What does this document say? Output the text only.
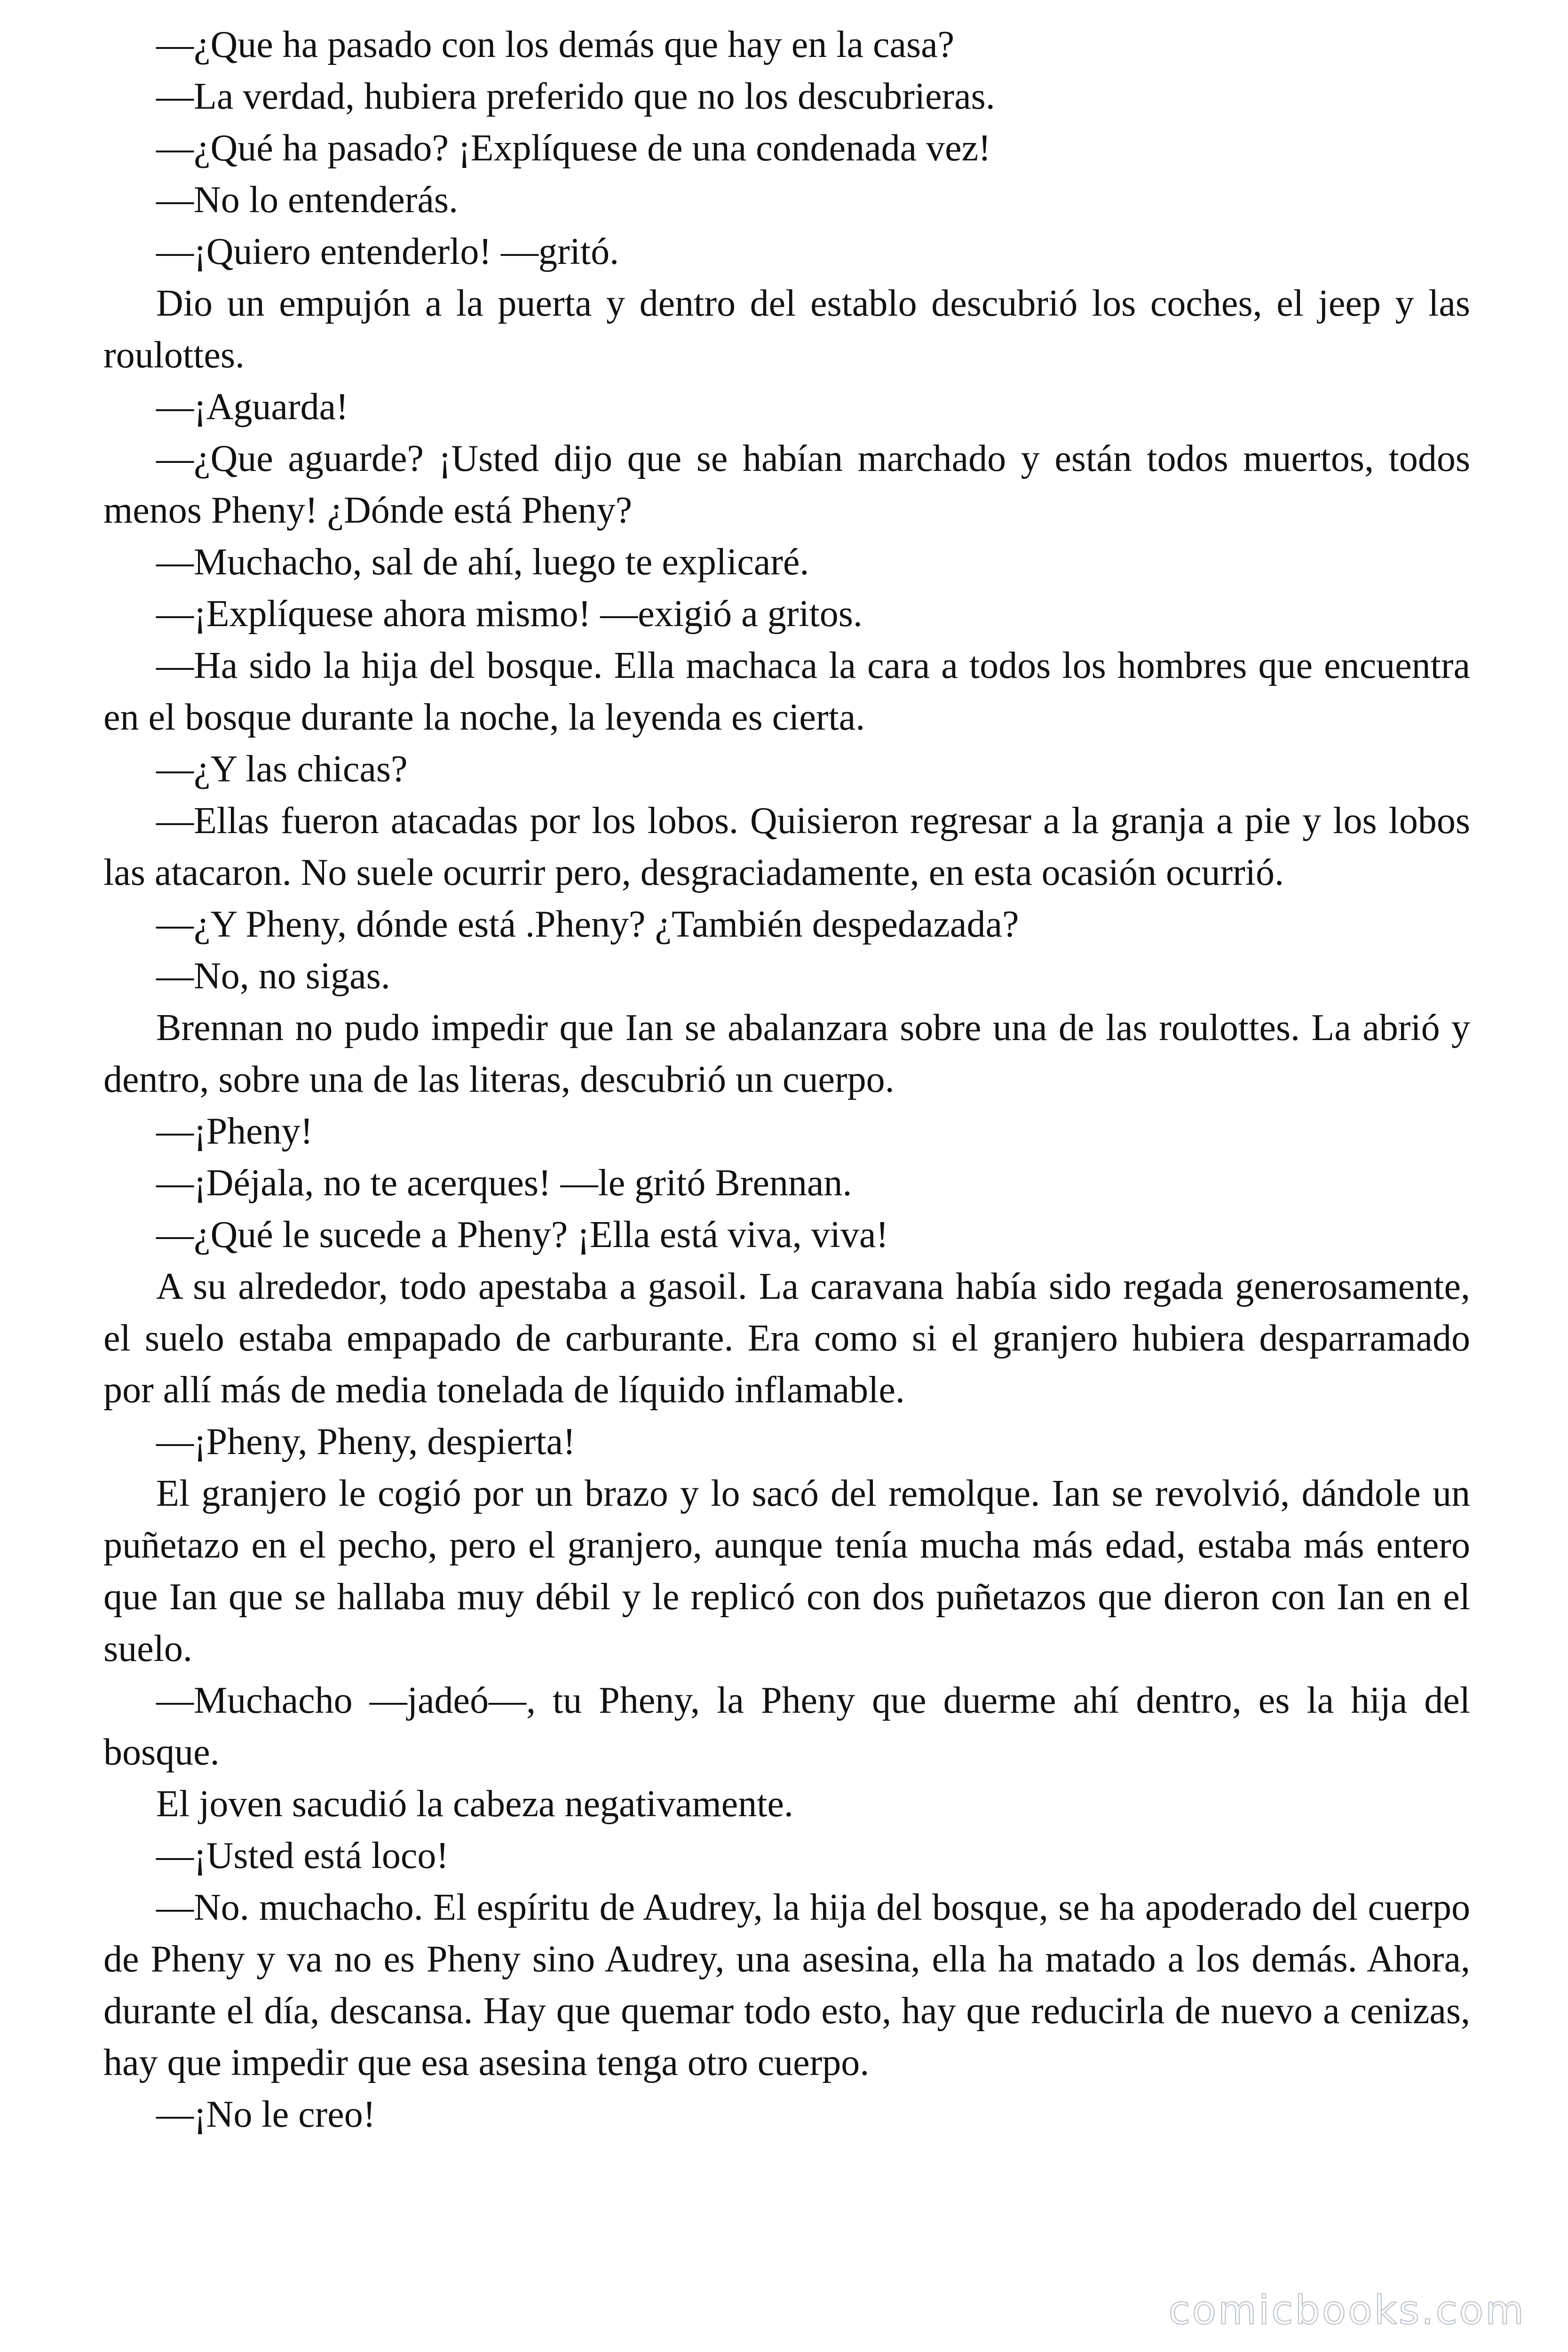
—¿Que ha pasado con los demás que hay en la casa?

—La verdad, hubiera preferido que no los descubrieras.

—¿Qué ha pasado? ¡Explíquese de una condenada vez!

—No lo entenderás.

—¡Quiero entenderlo! —gritó.

Dio un empujón a la puerta y dentro del establo descubrió los coches, el jeep y las roulottes.

—¡Aguarda!

—¿Que aguarde? ¡Usted dijo que se habían marchado y están todos muertos, todos menos Pheny! ¿Dónde está Pheny?

—Muchacho, sal de ahí, luego te explicaré.

—¡Explíquese ahora mismo! —exigió a gritos.

—Ha sido la hija del bosque. Ella machaca la cara a todos los hombres que encuentra en el bosque durante la noche, la leyenda es cierta.

—¿Y las chicas?

—Ellas fueron atacadas por los lobos. Quisieron regresar a la granja a pie y los lobos las atacaron. No suele ocurrir pero, desgraciadamente, en esta ocasión ocurrió.

—¿Y Pheny, dónde está .Pheny? ¿También despedazada?

—No, no sigas.

Brennan no pudo impedir que Ian se abalanzara sobre una de las roulottes. La abrió y dentro, sobre una de las literas, descubrió un cuerpo.

—¡Pheny!

—¡Déjala, no te acerques! —le gritó Brennan.

—¿Qué le sucede a Pheny? ¡Ella está viva, viva!

A su alrededor, todo apestaba a gasoil. La caravana había sido regada generosamente, el suelo estaba empapado de carburante. Era como si el granjero hubiera desparramado por allí más de media tonelada de líquido inflamable.

—¡Pheny, Pheny, despierta!

El granjero le cogió por un brazo y lo sacó del remolque. Ian se revolvió, dándole un puñetazo en el pecho, pero el granjero, aunque tenía mucha más edad, estaba más entero que Ian que se hallaba muy débil y le replicó con dos puñetazos que dieron con Ian en el suelo.

—Muchacho —jadeó—, tu Pheny, la Pheny que duerme ahí dentro, es la hija del bosque.

El joven sacudió la cabeza negativamente.

—¡Usted está loco!

—No. muchacho. El espíritu de Audrey, la hija del bosque, se ha apoderado del cuerpo de Pheny y va no es Pheny sino Audrey, una asesina, ella ha matado a los demás. Ahora, durante el día, descansa. Hay que quemar todo esto, hay que reducirla de nuevo a cenizas, hay que impedir que esa asesina tenga otro cuerpo.

—¡No le creo!

comicbooks.com
